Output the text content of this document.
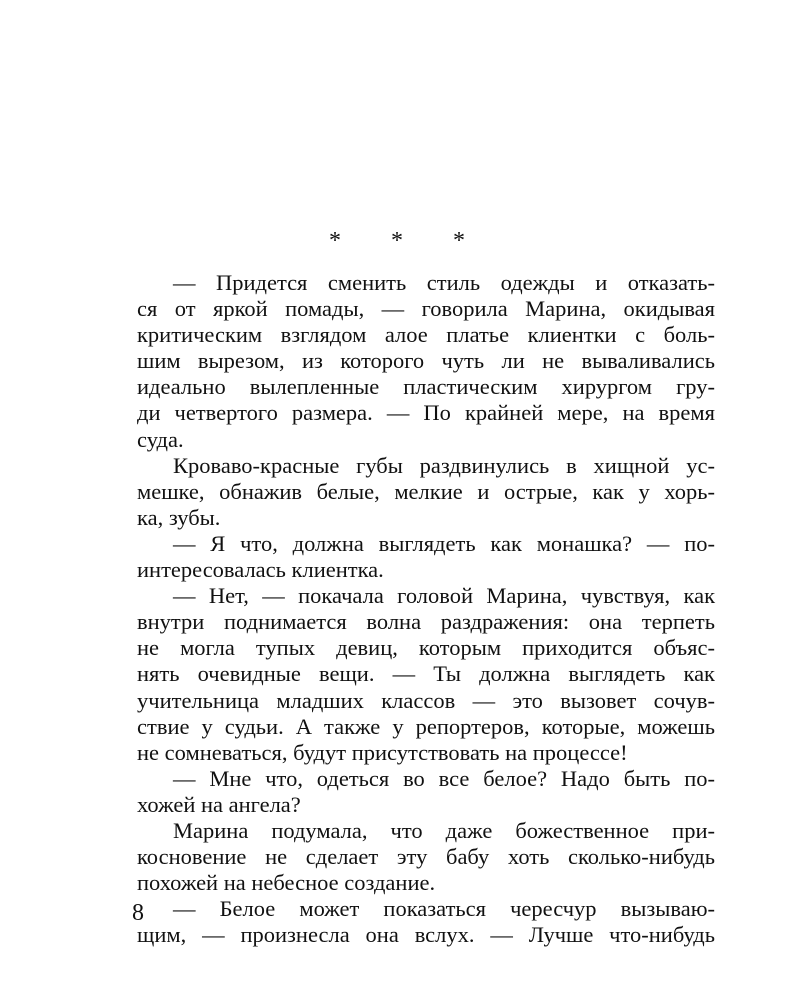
* * *
— Придется сменить стиль одежды и отказать-
ся от яркой помады, — говорила Марина, окидывая
критическим взглядом алое платье клиентки с боль-
шим вырезом, из которого чуть ли не вываливались
идеально вылепленные пластическим хирургом гру-
ди четвертого размера. — По крайней мере, на время
суда.
Кроваво-красные губы раздвинулись в хищной ус-
мешке, обнажив белые, мелкие и острые, как у хорь-
ка, зубы.
— Я что, должна выглядеть как монашка? — по-
интересовалась клиентка.
— Нет, — покачала головой Марина, чувствуя, как
внутри поднимается волна раздражения: она терпеть
не могла тупых девиц, которым приходится объяс-
нять очевидные вещи. — Ты должна выглядеть как
учительница младших классов — это вызовет сочув-
ствие у судьи. А также у репортеров, которые, можешь
не сомневаться, будут присутствовать на процессе!
— Мне что, одеться во все белое? Надо быть по-
хожей на ангела?
Марина подумала, что даже божественное при-
косновение не сделает эту бабу хоть сколько-нибудь
похожей на небесное создание.
— Белое может показаться чересчур вызываю-
щим, — произнесла она вслух. — Лучше что-нибудь
8
